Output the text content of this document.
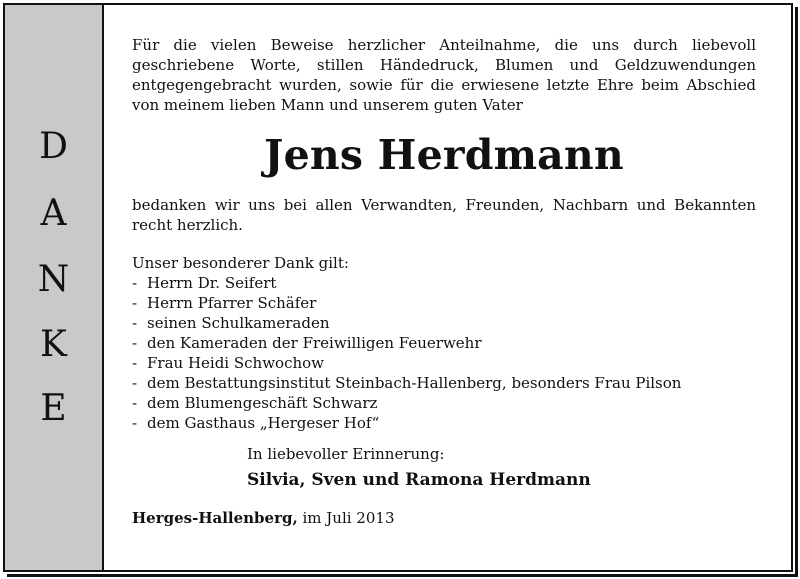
D
A
N
K
E

Für die vielen Beweise herzlicher Anteilnahme, die uns durch liebevoll geschriebene Worte, stillen Händedruck, Blumen und Geldzuwendungen entgegengebracht wurden, sowie für die erwiesene letzte Ehre beim Abschied von meinem lieben Mann und unserem guten Vater

Jens Herdmann

bedanken wir uns bei allen Verwandten, Freunden, Nachbarn und Bekannten recht herzlich.

Unser besonderer Dank gilt:
- Herrn Dr. Seifert
- Herrn Pfarrer Schäfer
- seinen Schulkameraden
- den Kameraden der Freiwilligen Feuerwehr
- Frau Heidi Schwochow
- dem Bestattungsinstitut Steinbach-Hallenberg, besonders Frau Pilson
- dem Blumengeschäft Schwarz
- dem Gasthaus „Hergeser Hof“
In liebevoller Erinnerung:
Silvia, Sven und Ramona Herdmann
Herges-Hallenberg, im Juli 2013
